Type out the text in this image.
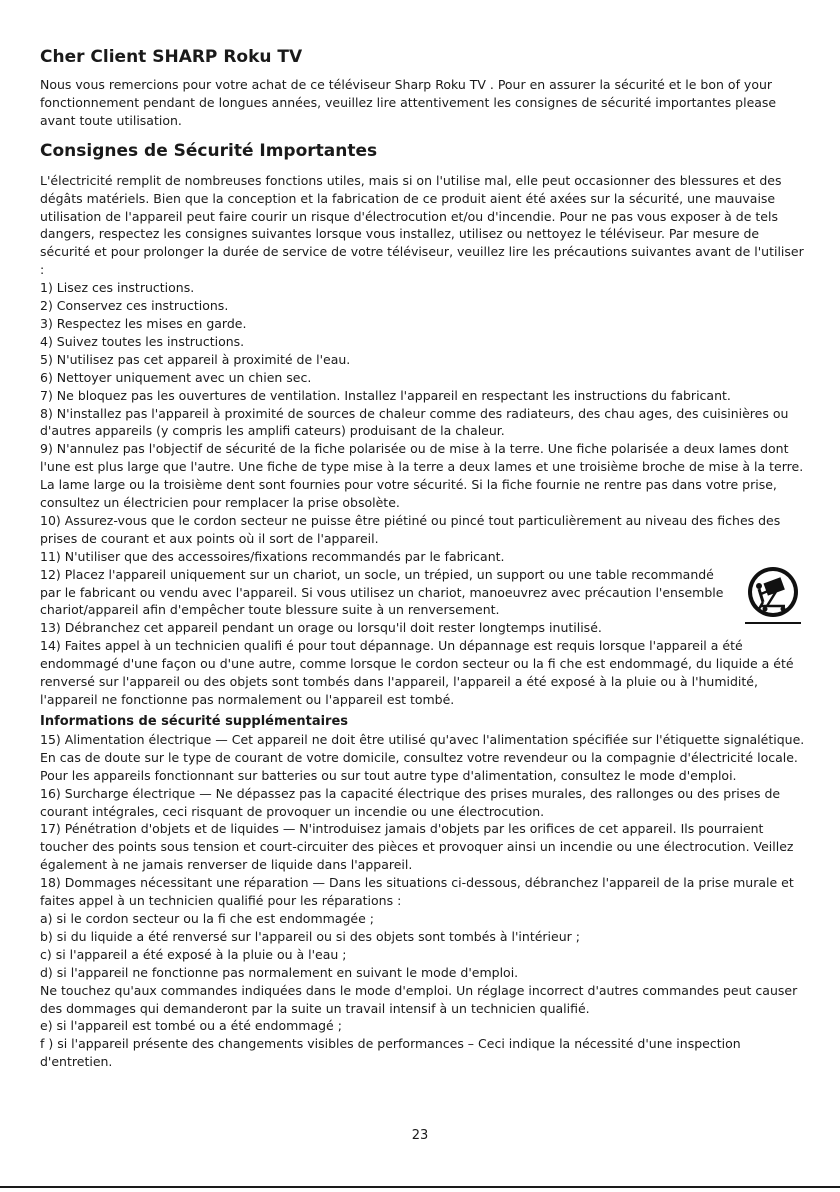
Cher Client SHARP Roku TV

Nous vous remercions pour votre achat de ce téléviseur Sharp Roku TV . Pour en assurer la sécurité et le bon of your fonctionnement pendant de longues années, veuillez lire attentivement les consignes de sécurité importantes please avant toute utilisation.

Consignes de Sécurité Importantes

L'électricité remplit de nombreuses fonctions utiles, mais si on l'utilise mal, elle peut occasionner des blessures et des dégâts matériels. Bien que la conception et la fabrication de ce produit aient été axées sur la sécurité, une mauvaise utilisation de l'appareil peut faire courir un risque d'électrocution et/ou d'incendie. Pour ne pas vous exposer à de tels dangers, respectez les consignes suivantes lorsque vous installez, utilisez ou nettoyez le téléviseur. Par mesure de sécurité et pour prolonger la durée de service de votre téléviseur, veuillez lire les précautions suivantes avant de l'utiliser :

1) Lisez ces instructions.
2) Conservez ces instructions.
3) Respectez les mises en garde.
4) Suivez toutes les instructions.
5) N'utilisez pas cet appareil à proximité de l'eau.
6) Nettoyer uniquement avec un chien sec.
7) Ne bloquez pas les ouvertures de ventilation. Installez l'appareil en respectant les instructions du fabricant.
8) N'installez pas l'appareil à proximité de sources de chaleur comme des radiateurs, des chau ages, des cuisinières ou d'autres appareils (y compris les amplifi cateurs) produisant de la chaleur.
9) N'annulez pas l'objectif de sécurité de la fiche polarisée ou de mise à la terre. Une fiche polarisée a deux lames dont l'une est plus large que l'autre. Une fiche de type mise à la terre a deux lames et une troisième broche de mise à la terre. La lame large ou la troisième dent sont fournies pour votre sécurité. Si la fiche fournie ne rentre pas dans votre prise, consultez un électricien pour remplacer la prise obsolète.
10) Assurez-vous que le cordon secteur ne puisse être piétiné ou pincé tout particulièrement au niveau des fiches des prises de courant et aux points où il sort de l'appareil.
11) N'utiliser que des accessoires/fixations recommandés par le fabricant.
12) Placez l'appareil uniquement sur un chariot, un socle, un trépied, un support ou une table recommandé par le fabricant ou vendu avec l'appareil. Si vous utilisez un chariot, manoeuvrez avec précaution l'ensemble chariot/appareil afin d'empêcher toute blessure suite à un renversement.
13) Débranchez cet appareil pendant un orage ou lorsqu'il doit rester longtemps inutilisé.
14) Faites appel à un technicien qualifi é pour tout dépannage. Un dépannage est requis lorsque l'appareil a été endommagé d'une façon ou d'une autre, comme lorsque le cordon secteur ou la fi che est endommagé, du liquide a été renversé sur l'appareil ou des objets sont tombés dans l'appareil, l'appareil a été exposé à la pluie ou à l'humidité, l'appareil ne fonctionne pas normalement ou l'appareil est tombé.
Informations de sécurité supplémentaires
15) Alimentation électrique — Cet appareil ne doit être utilisé qu'avec l'alimentation spécifiée sur l'étiquette signalétique. En cas de doute sur le type de courant de votre domicile, consultez votre revendeur ou la compagnie d'électricité locale. Pour les appareils fonctionnant sur batteries ou sur tout autre type d'alimentation, consultez le mode d'emploi.
16) Surcharge électrique — Ne dépassez pas la capacité électrique des prises murales, des rallonges ou des prises de courant intégrales, ceci risquant de provoquer un incendie ou une électrocution.
17) Pénétration d'objets et de liquides — N'introduisez jamais d'objets par les orifices de cet appareil. Ils pourraient toucher des points sous tension et court-circuiter des pièces et provoquer ainsi un incendie ou une électrocution. Veillez également à ne jamais renverser de liquide dans l'appareil.
18) Dommages nécessitant une réparation — Dans les situations ci-dessous, débranchez l'appareil de la prise murale et faites appel à un technicien qualifié pour les réparations :
a) si le cordon secteur ou la fi che est endommagée ;
b) si du liquide a été renversé sur l'appareil ou si des objets sont tombés à l'intérieur ;
c) si l'appareil a été exposé à la pluie ou à l'eau ;
d) si l'appareil ne fonctionne pas normalement en suivant le mode d'emploi.
Ne touchez qu'aux commandes indiquées dans le mode d'emploi. Un réglage incorrect d'autres commandes peut causer des dommages qui demanderont par la suite un travail intensif à un technicien qualifié.
e) si l'appareil est tombé ou a été endommagé ;
f ) si l'appareil présente des changements visibles de performances – Ceci indique la nécessité d'une inspection d'entretien.
23
